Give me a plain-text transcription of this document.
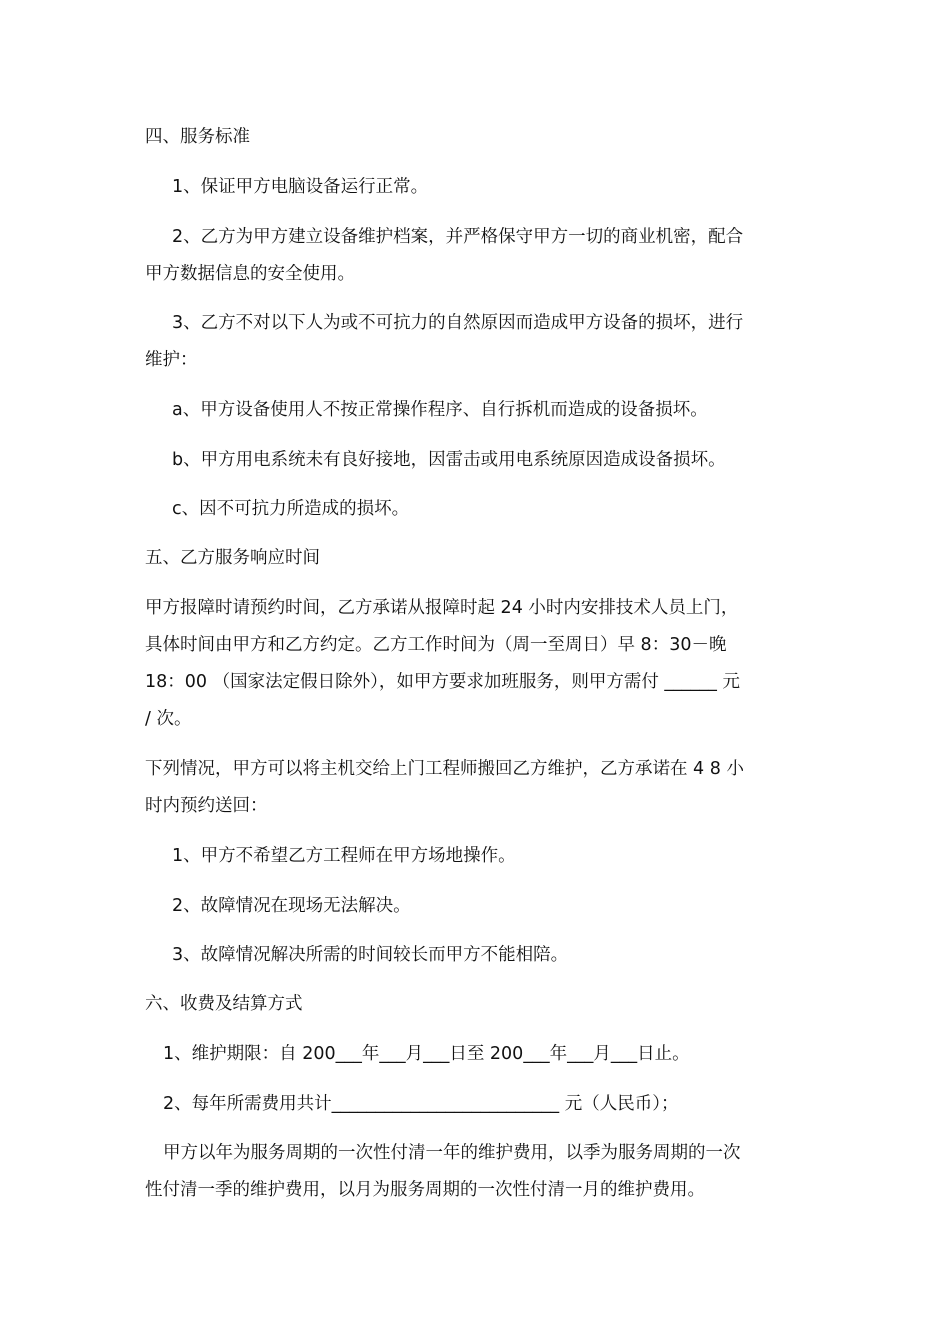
四、服务标准

1、保证甲方电脑设备运行正常。

2、乙方为甲方建立设备维护档案，并严格保守甲方一切的商业机密，配合

甲方数据信息的安全使用。

3、乙方不对以下人为或不可抗力的自然原因而造成甲方设备的损坏，进行

维护：

a、甲方设备使用人不按正常操作程序、自行拆机而造成的设备损坏。

b、甲方用电系统未有良好接地，因雷击或用电系统原因造成设备损坏。

c、因不可抗力所造成的损坏。

五、乙方服务响应时间

甲方报障时请预约时间，乙方承诺从报障时起 24 小时内安排技术人员上门，

具体时间由甲方和乙方约定。乙方工作时间为（周一至周日）早 8：30－晚

18：00 （国家法定假日除外），如甲方要求加班服务，则甲方需付 ______ 元

/ 次。

下列情况，甲方可以将主机交给上门工程师搬回乙方维护，乙方承诺在 4 8 小

时内预约送回：

1、甲方不希望乙方工程师在甲方场地操作。

2、故障情况在现场无法解决。

3、故障情况解决所需的时间较长而甲方不能相陪。

六、收费及结算方式

1、维护期限：自 200___年___月___日至 200___年___月___日止。

2、每年所需费用共计__________________________ 元（人民币）；

甲方以年为服务周期的一次性付清一年的维护费用，以季为服务周期的一次

性付清一季的维护费用，以月为服务周期的一次性付清一月的维护费用。
